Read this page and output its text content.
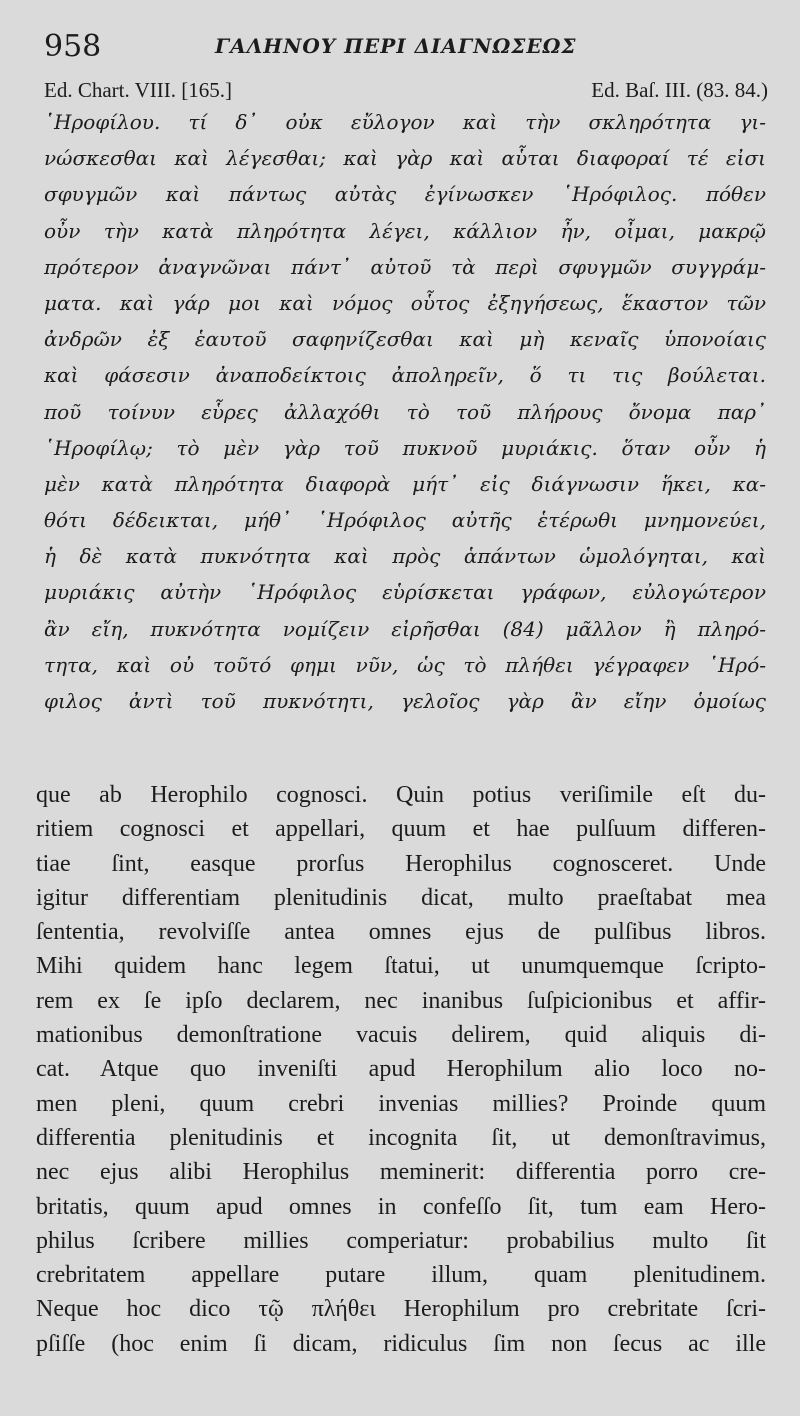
958	ΓΑΛΗΝΟΥ ΠΕΡΙ ΔΙΑΓΝΩΣΕΩΣ
Ed. Chart. VIII. [165.]	Ed. Baſ. III. (83. 84.)
῾Ηροφίλου. τί δ᾽ οὐκ εὔλογον καὶ τὴν σκληρότητα γι-
νώσκεσθαι καὶ λέγεσθαι; καὶ γὰρ καὶ αὗται διαφοραί τέ εἰσι
σφυγμῶν καὶ πάντως αὐτὰς ἐγίνωσκεν ῾Ηρόφιλος. πόθεν
οὖν τὴν κατὰ πληρότητα λέγει, κάλλιον ἦν, οἶμαι, μακρῷ
πρότερον ἀναγνῶναι πάντ᾽ αὐτοῦ τὰ περὶ σφυγμῶν συγγράμ-
ματα. καὶ γάρ μοι καὶ νόμος οὗτος ἐξηγήσεως, ἕκαστον τῶν
ἀνδρῶν ἐξ ἑαυτοῦ σαφηνίζεσθαι καὶ μὴ κεναῖς ὑπονοίαις
καὶ φάσεσιν ἀναποδείκτοις ἀποληρεῖν, ὅ τι τις βούλεται.
ποῦ τοίνυν εὗρες ἀλλαχόθι τὸ τοῦ πλήρους ὄνομα παρ᾽
῾Ηροφίλῳ; τὸ μὲν γὰρ τοῦ πυκνοῦ μυριάκις. ὅταν οὖν ἡ
μὲν κατὰ πληρότητα διαφορὰ μήτ᾽ εἰς διάγνωσιν ἥκει, κα-
θότι δέδεικται, μήθ᾽ ῾Ηρόφιλος αὐτῆς ἑτέρωθι μνημονεύει,
ἡ δὲ κατὰ πυκνότητα καὶ πρὸς ἁπάντων ὡμολόγηται, καὶ
μυριάκις αὐτὴν ῾Ηρόφιλος εὑρίσκεται γράφων, εὐλογώτερον
ἂν εἴη, πυκνότητα νομίζειν εἰρῆσθαι (84) μᾶλλον ἢ πληρό-
τητα, καὶ οὐ τοῦτό φημι νῦν, ὡς τὸ πλήθει γέγραφεν ῾Ηρό-
φιλος ἀντὶ τοῦ πυκνότητι, γελοῖος γὰρ ἂν εἴην ὁμοίως
que ab Herophilo cognosci. Quin potius veriſimile eſt du-
ritiem cognosci et appellari, quum et hae pulſuum differen-
tiae ſint, easque prorſus Herophilus cognosceret. Unde
igitur differentiam plenitudinis dicat, multo praeſtabat mea
ſententia, revolviſſe antea omnes ejus de pulſibus libros.
Mihi quidem hanc legem ſtatui, ut unumquemque ſcripto-
rem ex ſe ipſo declarem, nec inanibus ſuſpicionibus et affir-
mationibus demonſtratione vacuis delirem, quid aliquis di-
cat. Atque quo inveniſti apud Herophilum alio loco no-
men pleni, quum crebri invenias millies? Proinde quum
differentia plenitudinis et incognita ſit, ut demonſtravimus,
nec ejus alibi Herophilus meminerit: differentia porro cre-
britatis, quum apud omnes in confeſſo ſit, tum eam Hero-
philus ſcribere millies comperiatur: probabilius multo ſit
crebritatem appellare putare illum, quam plenitudinem.
Neque hoc dico τῷ πλήθει Herophilum pro crebritate ſcri-
pſiſſe (hoc enim ſi dicam, ridiculus ſim non ſecus ac ille
